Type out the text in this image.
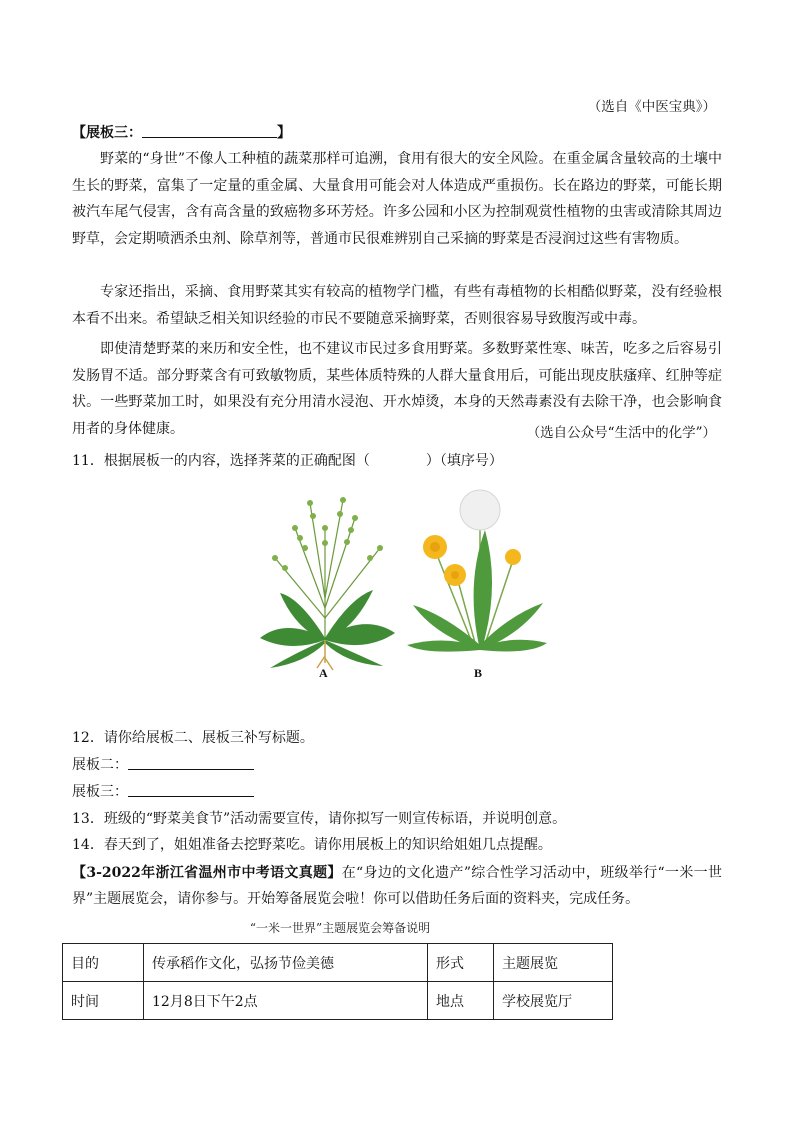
（选自《中医宝典》）
【展板三：	】
野菜的“身世”不像人工种植的蔬菜那样可追溯，食用有很大的安全风险。在重金属含量较高的土壤中生长的野菜，富集了一定量的重金属、大量食用可能会对人体造成严重损伤。长在路边的野菜，可能长期被汽车尾气侵害，含有高含量的致癌物多环芳烃。许多公园和小区为控制观赏性植物的虫害或清除其周边野草，会定期喷洒杀虫剂、除草剂等，普通市民很难辨别自己采摘的野菜是否浸润过这些有害物质。
专家还指出，采摘、食用野菜其实有较高的植物学门槛，有些有毒植物的长相酷似野菜，没有经验根本看不出来。希望缺乏相关知识经验的市民不要随意采摘野菜，否则很容易导致腹泻或中毒。
即使清楚野菜的来历和安全性，也不建议市民过多食用野菜。多数野菜性寒、味苦，吃多之后容易引发肠胃不适。部分野菜含有可致敏物质，某些体质特殊的人群大量食用后，可能出现皮肤瘙痒、红肿等症状。一些野菜加工时，如果没有充分用清水浸泡、开水焯烫，本身的天然毒素没有去除干净，也会影响食用者的身体健康。	（选自公众号“生活中的化学”）
11．根据展板一的内容，选择荠菜的正确配图（	）（填序号）
A	B
12．请你给展板二、展板三补写标题。
展板二：
展板三：
13．班级的“野菜美食节”活动需要宣传，请你拟写一则宣传标语，并说明创意。
14．春天到了，姐姐准备去挖野菜吃。请你用展板上的知识给姐姐几点提醒。
【3-2022年浙江省温州市中考语文真题】在“身边的文化遗产”综合性学习活动中，班级举行“一米一世界”主题展览会，请你参与。开始筹备展览会啦！你可以借助任务后面的资料夹，完成任务。
“一米一世界”主题展览会筹备说明
目的	传承稻作文化，弘扬节俭美德	形式	主题展览
时间	12月8日下午2点	地点	学校展览厅
